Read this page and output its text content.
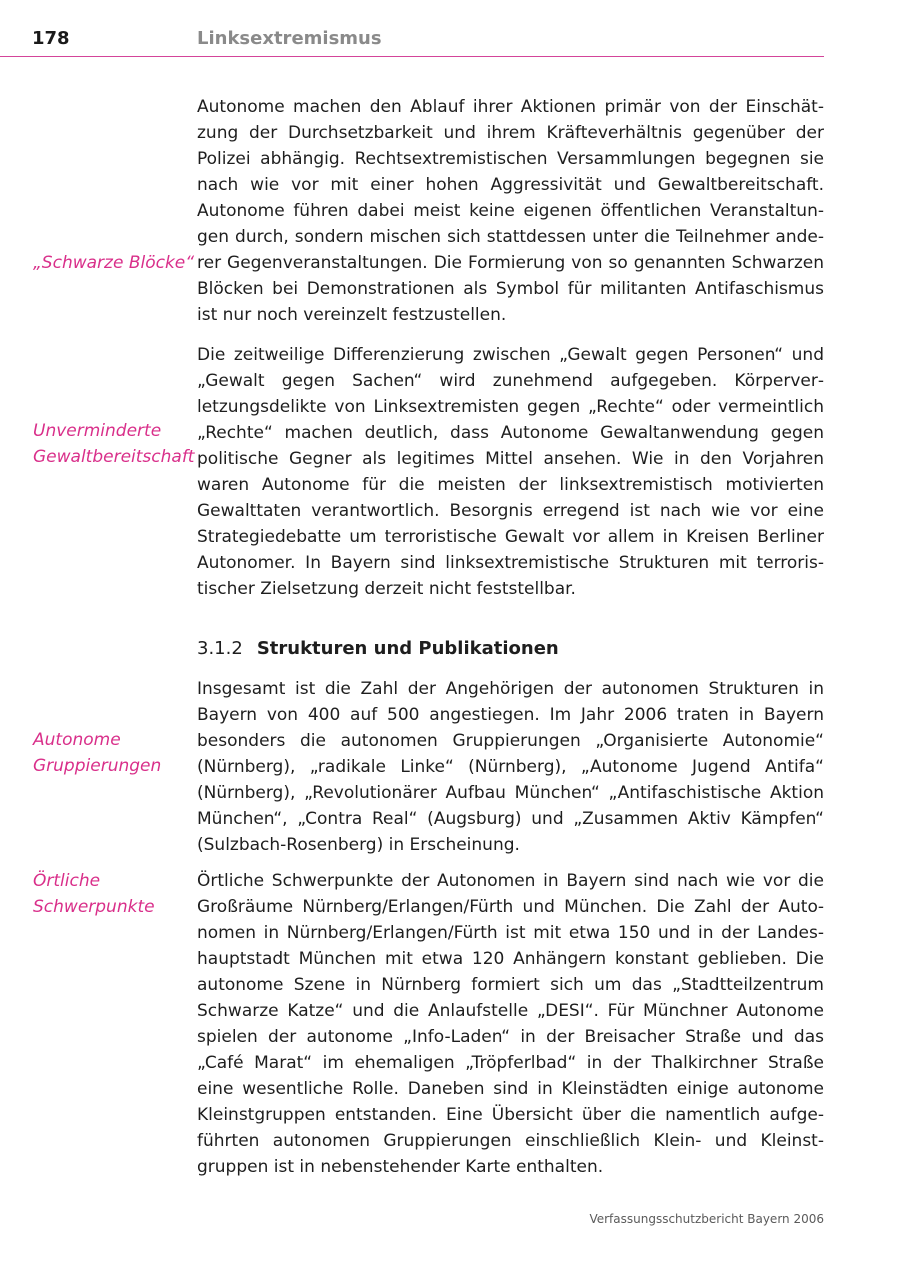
178	Linksextremismus

Autonome machen den Ablauf ihrer Aktionen primär von der Einschätzung der Durchsetzbarkeit und ihrem Kräfteverhältnis gegenüber der Polizei abhängig. Rechtsextremistischen Versammlungen begegnen sie nach wie vor mit einer hohen Aggressivität und Gewaltbereitschaft. Autonome führen dabei meist keine eigenen öffentlichen Veranstaltungen durch, sondern mischen sich stattdessen unter die Teilnehmer anderer Gegenveranstaltungen. Die Formierung von so genannten Schwarzen Blöcken bei Demonstrationen als Symbol für militanten Antifaschismus ist nur noch vereinzelt festzustellen.

„Schwarze Blöcke“

Die zeitweilige Differenzierung zwischen „Gewalt gegen Personen“ und „Gewalt gegen Sachen“ wird zunehmend aufgegeben. Körperverletzungsdelikte von Linksextremisten gegen „Rechte“ oder vermeintlich „Rechte“ machen deutlich, dass Autonome Gewaltanwendung gegen politische Gegner als legitimes Mittel ansehen. Wie in den Vorjahren waren Autonome für die meisten der linksextremistisch motivierten Gewalttaten verantwortlich. Besorgnis erregend ist nach wie vor eine Strategiedebatte um terroristische Gewalt vor allem in Kreisen Berliner Autonomer. In Bayern sind linksextremistische Strukturen mit terroristischer Zielsetzung derzeit nicht feststellbar.

Unverminderte
Gewaltbereitschaft

3.1.2 Strukturen und Publikationen

Insgesamt ist die Zahl der Angehörigen der autonomen Strukturen in Bayern von 400 auf 500 angestiegen. Im Jahr 2006 traten in Bayern besonders die autonomen Gruppierungen „Organisierte Autonomie“ (Nürnberg), „radikale Linke“ (Nürnberg), „Autonome Jugend Antifa“ (Nürnberg), „Revolutionärer Aufbau München“ „Antifaschistische Aktion München“, „Contra Real“ (Augsburg) und „Zusammen Aktiv Kämpfen“ (Sulzbach-Rosenberg) in Erscheinung.

Autonome
Gruppierungen

Örtliche Schwerpunkte der Autonomen in Bayern sind nach wie vor die Großräume Nürnberg/Erlangen/Fürth und München. Die Zahl der Autonomen in Nürnberg/Erlangen/Fürth ist mit etwa 150 und in der Landeshauptstadt München mit etwa 120 Anhängern konstant geblieben. Die autonome Szene in Nürnberg formiert sich um das „Stadtteilzentrum Schwarze Katze“ und die Anlaufstelle „DESI“. Für Münchner Autonome spielen der autonome „Info-Laden“ in der Breisacher Straße und das „Café Marat“ im ehemaligen „Tröpferlbad“ in der Thalkirchner Straße eine wesentliche Rolle. Daneben sind in Kleinstädten einige autonome Kleinstgruppen entstanden. Eine Übersicht über die namentlich aufgeführten autonomen Gruppierungen einschließlich Klein- und Kleinstgruppen ist in nebenstehender Karte enthalten.

Örtliche
Schwerpunkte

Verfassungsschutzbericht Bayern 2006
